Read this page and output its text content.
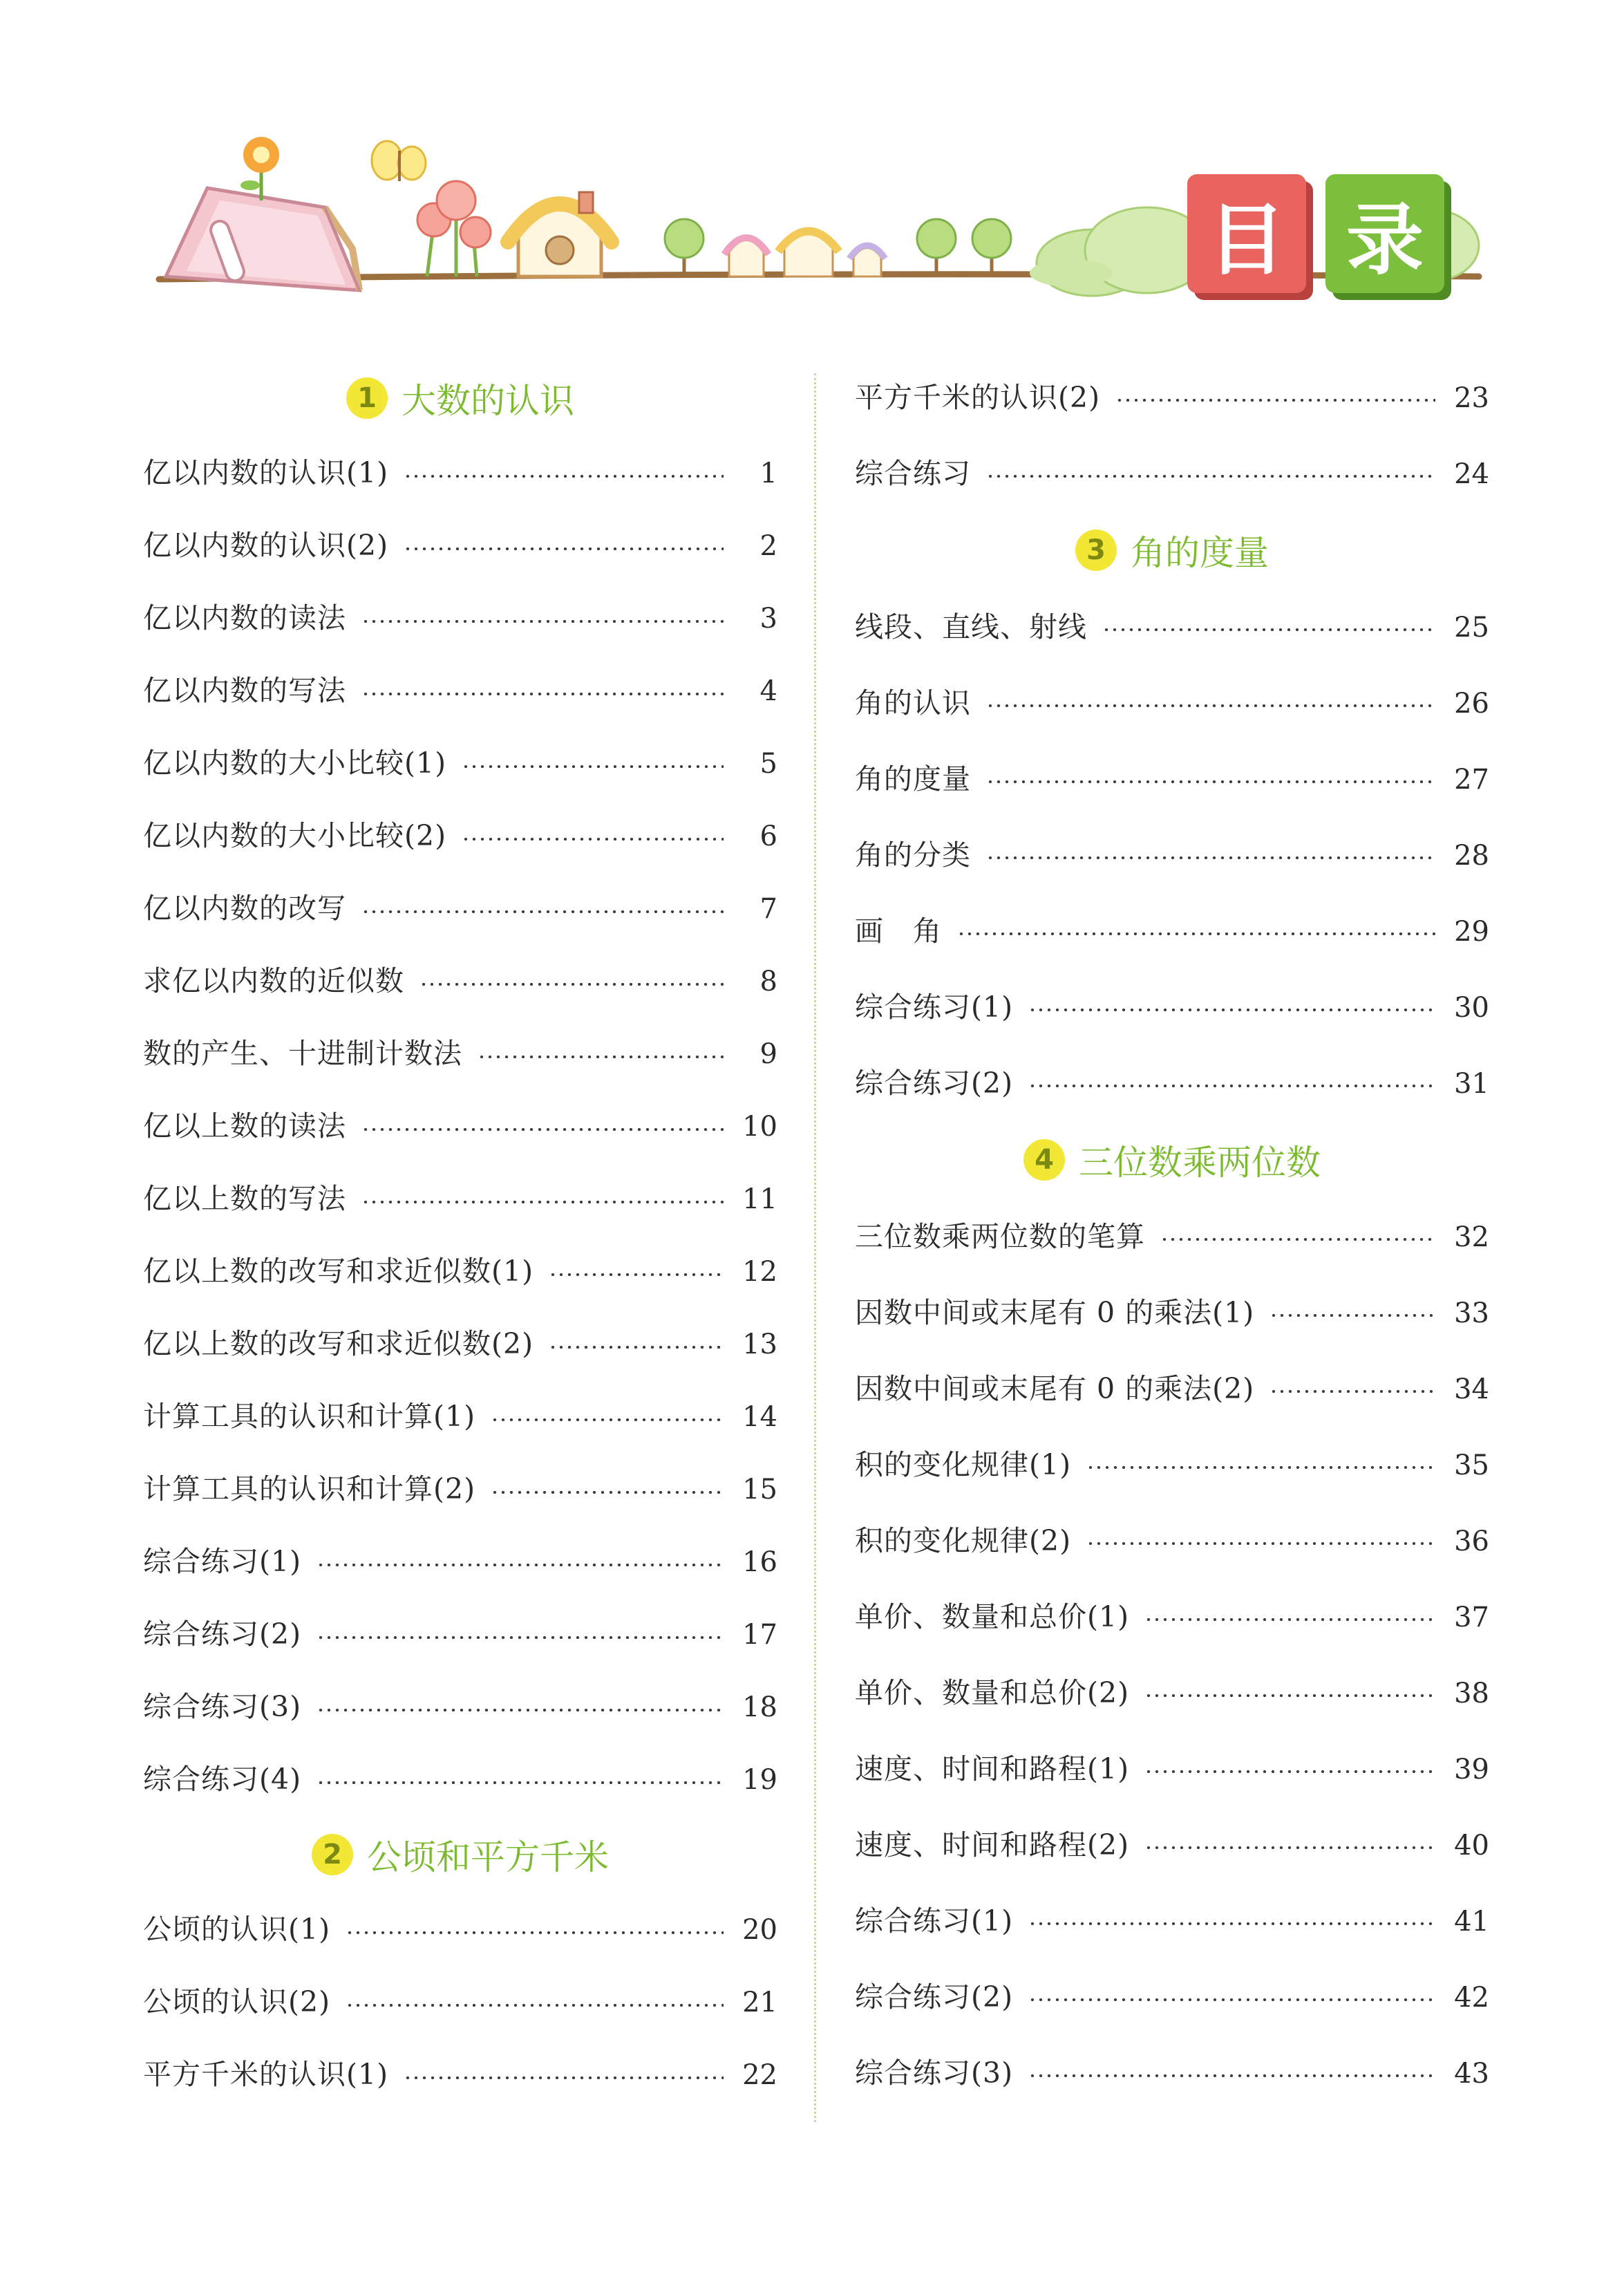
目 录
1 大数的认识
亿以内数的认识(1)	1
亿以内数的认识(2)	2
亿以内数的读法	3
亿以内数的写法	4
亿以内数的大小比较(1)	5
亿以内数的大小比较(2)	6
亿以内数的改写	7
求亿以内数的近似数	8
数的产生、十进制计数法	9
亿以上数的读法	10
亿以上数的写法	11
亿以上数的改写和求近似数(1)	12
亿以上数的改写和求近似数(2)	13
计算工具的认识和计算(1)	14
计算工具的认识和计算(2)	15
综合练习(1)	16
综合练习(2)	17
综合练习(3)	18
综合练习(4)	19
2 公顷和平方千米
公顷的认识(1)	20
公顷的认识(2)	21
平方千米的认识(1)	22
平方千米的认识(2)	23
综合练习	24
3 角的度量
线段、直线、射线	25
角的认识	26
角的度量	27
角的分类	28
画　角	29
综合练习(1)	30
综合练习(2)	31
4 三位数乘两位数
三位数乘两位数的笔算	32
因数中间或末尾有 0 的乘法(1)	33
因数中间或末尾有 0 的乘法(2)	34
积的变化规律(1)	35
积的变化规律(2)	36
单价、数量和总价(1)	37
单价、数量和总价(2)	38
速度、时间和路程(1)	39
速度、时间和路程(2)	40
综合练习(1)	41
综合练习(2)	42
综合练习(3)	43
